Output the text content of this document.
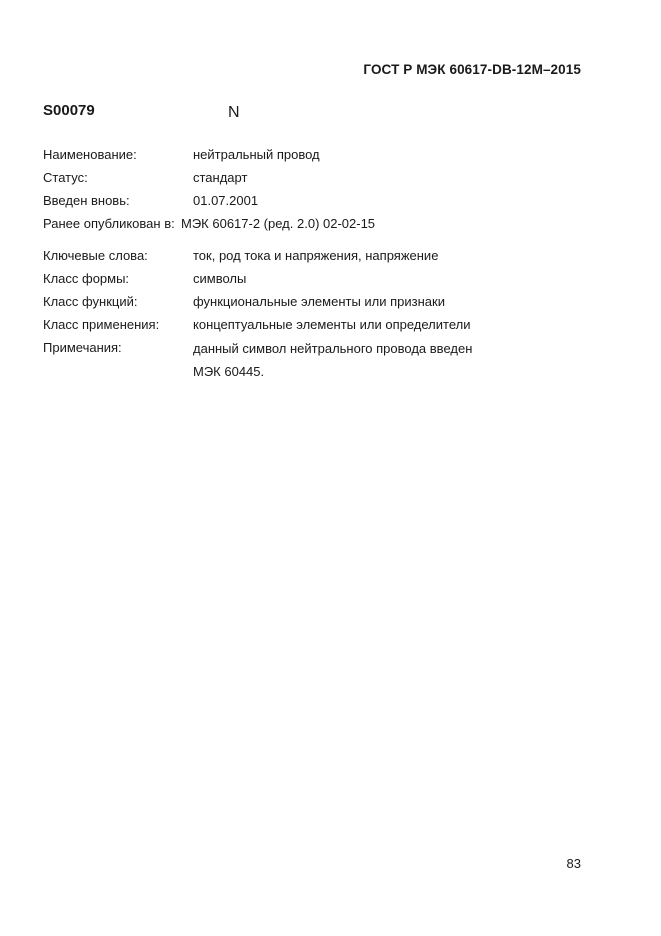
ГОСТ Р МЭК 60617-DB-12M–2015
S00079	N
Наименование:	нейтральный провод
Статус:	стандарт
Введен вновь:	01.07.2001
Ранее опубликован в: МЭК 60617-2 (ред. 2.0) 02-02-15
Ключевые слова:	ток, род тока и напряжения, напряжение
Класс формы:	символы
Класс функций:	функциональные элементы или признаки
Класс применения:	концептуальные элементы или определители
Примечания:	данный символ нейтрального провода введен
МЭК 60445.
83
